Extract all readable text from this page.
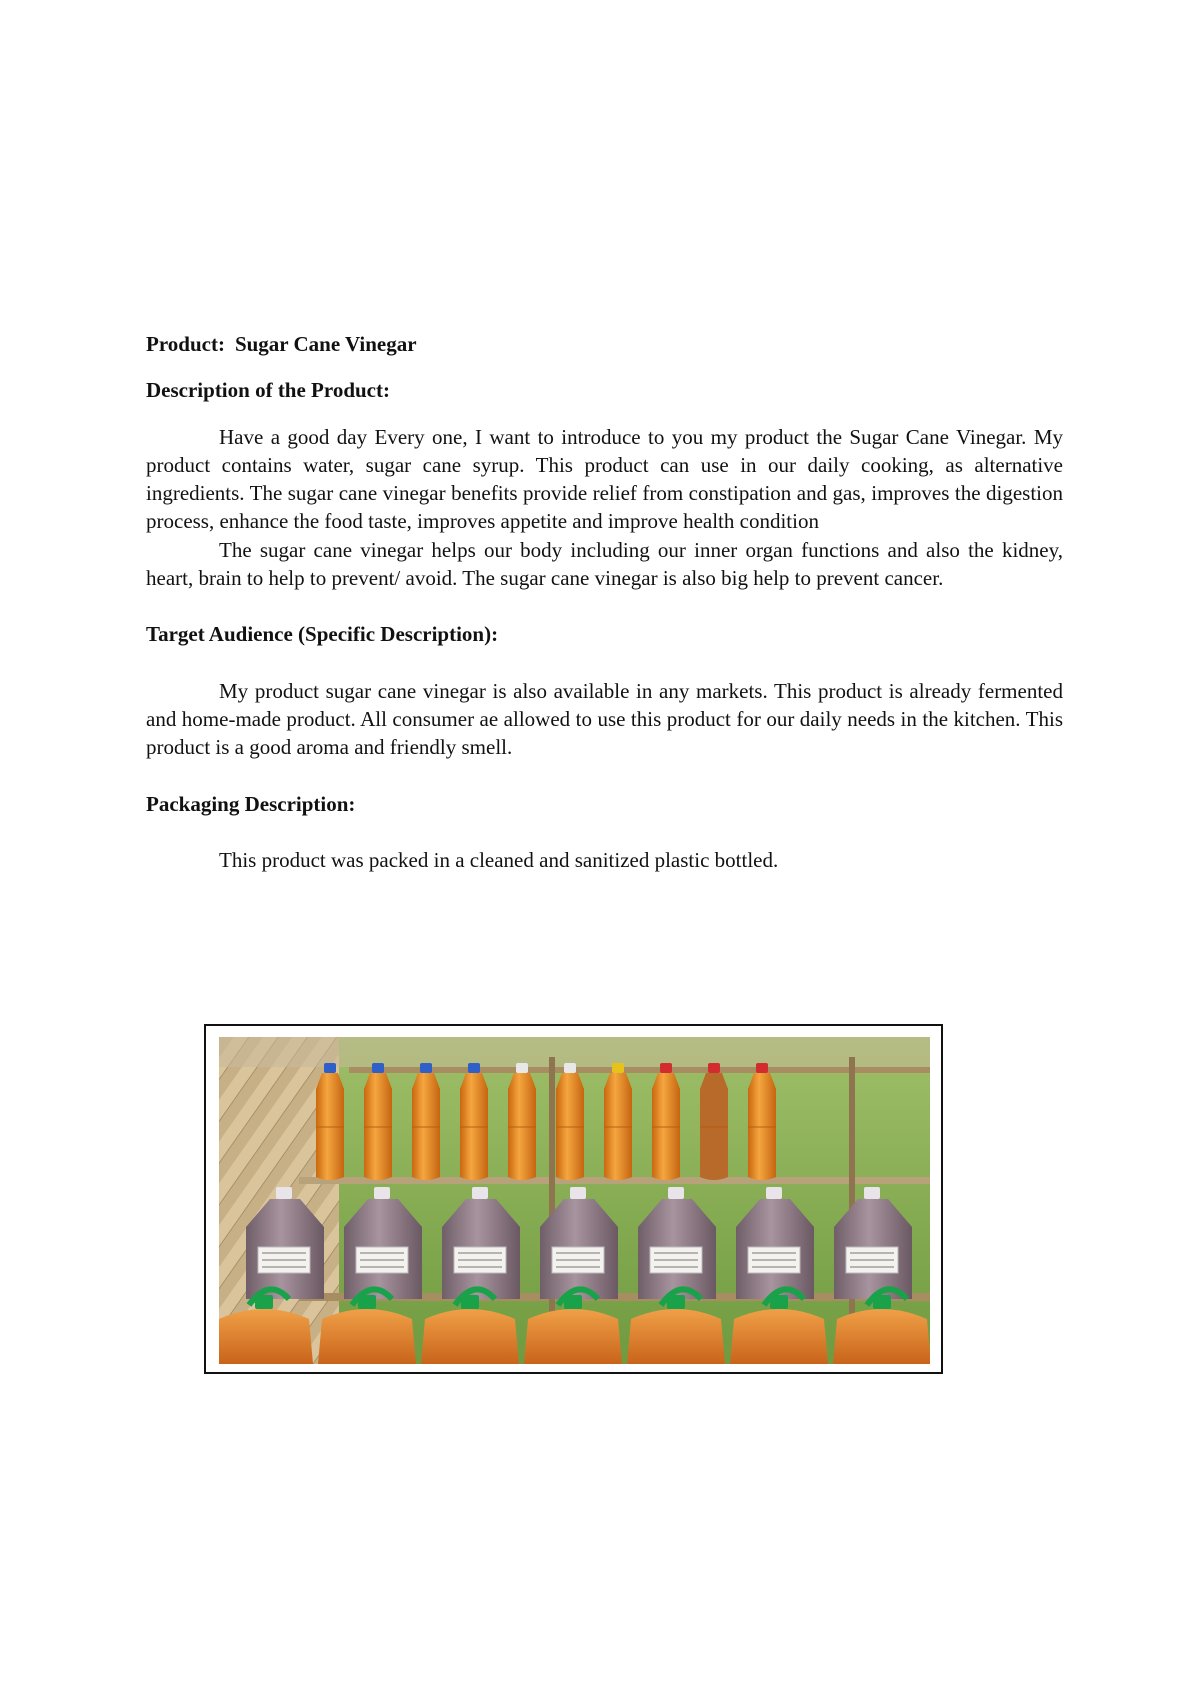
Product: Sugar Cane Vinegar

Description of the Product:

Have a good day Every one, I want to introduce to you my product the Sugar Cane Vinegar. My product contains water, sugar cane syrup. This product can use in our daily cooking, as alternative ingredients. The sugar cane vinegar benefits provide relief from constipation and gas, improves the digestion process, enhance the food taste, improves appetite and improve health condition

The sugar cane vinegar helps our body including our inner organ functions and also the kidney, heart, brain to help to prevent/ avoid. The sugar cane vinegar is also big help to prevent cancer.

Target Audience (Specific Description):

My product sugar cane vinegar is also available in any markets. This product is already fermented and home-made product. All consumer ae allowed to use this product for our daily needs in the kitchen. This product is a good aroma and friendly smell.

Packaging Description:

This product was packed in a cleaned and sanitized plastic bottled.
